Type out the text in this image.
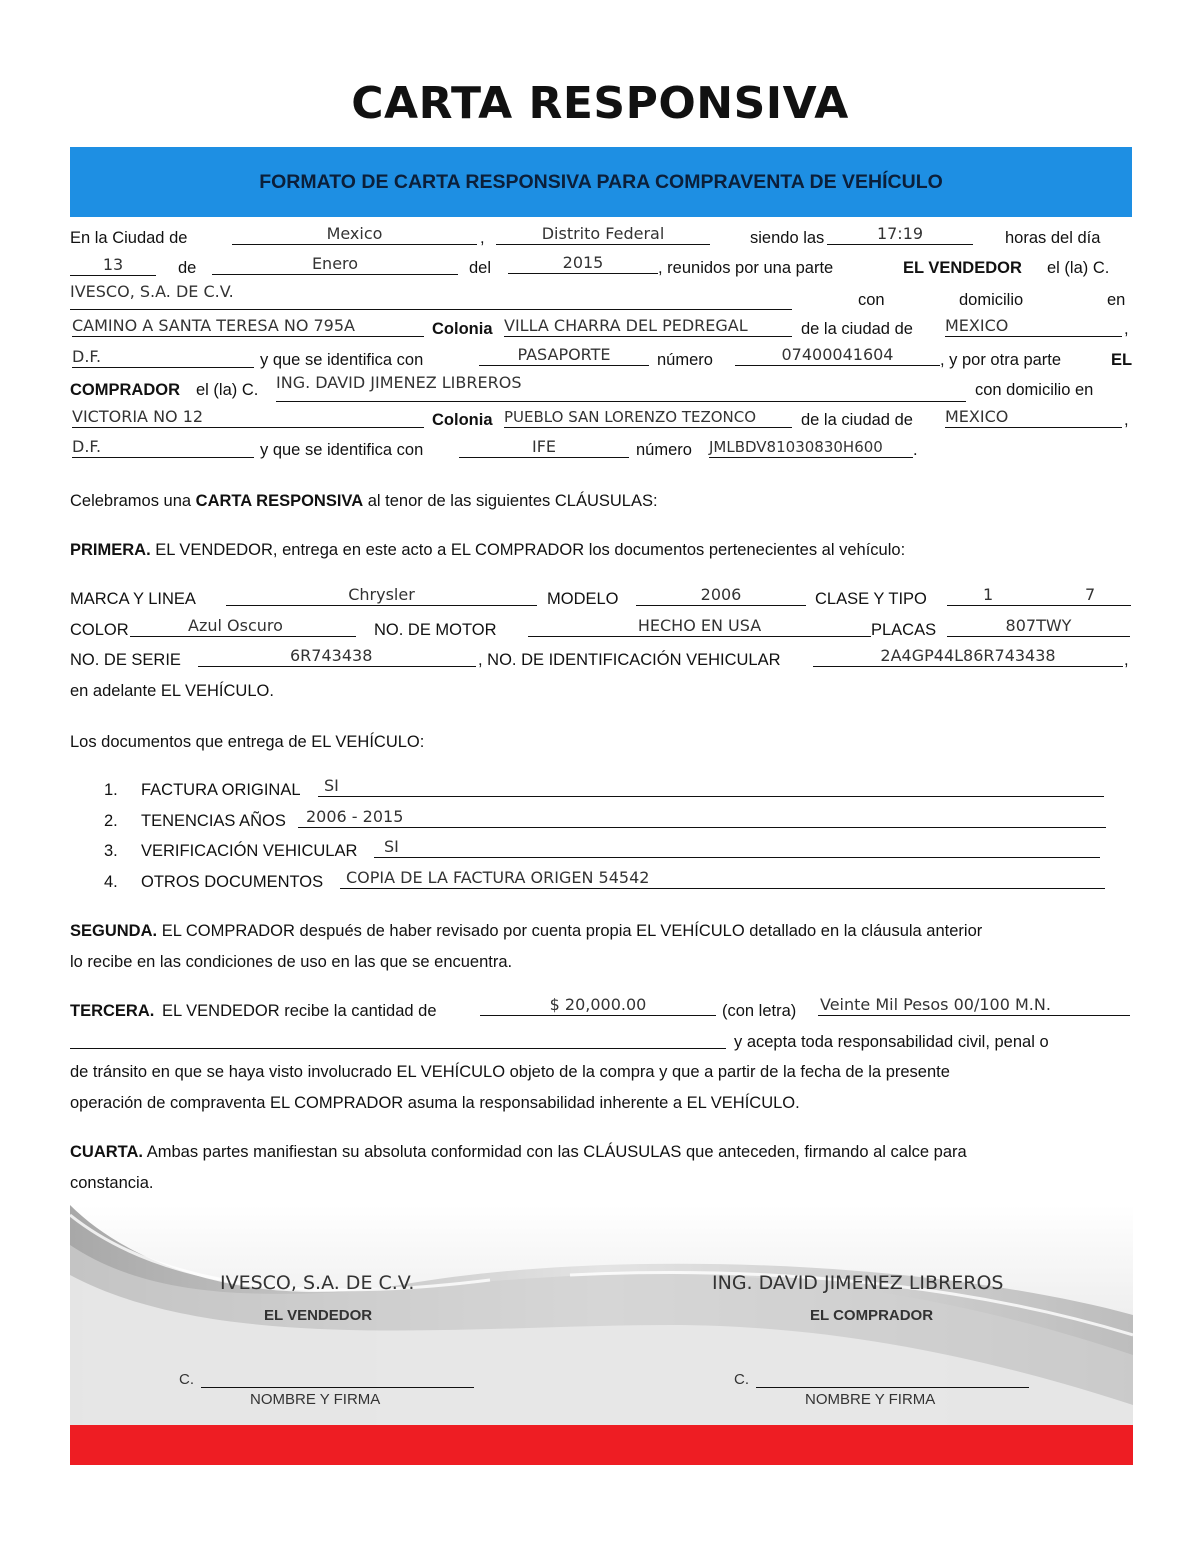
CARTA RESPONSIVA
FORMATO DE CARTA RESPONSIVA PARA COMPRAVENTA DE VEHÍCULO
En la Ciudad de	Mexico	,	Distrito Federal	siendo las	17:19	horas del día
13	de	Enero	del	2015	, reunidos por una parte	EL VENDEDOR el (la) C.
IVESCO, S.A. DE C.V.	con	domicilio	en
CAMINO A SANTA TERESA NO 795A	Colonia VILLA CHARRA DEL PEDREGAL	de la ciudad de MEXICO	,
D.F.	y que se identifica con	PASAPORTE	número	07400041604	, y por otra parte	EL
COMPRADOR el (la) C. ING. DAVID JIMENEZ LIBREROS	con domicilio en
VICTORIA NO 12	Colonia PUEBLO SAN LORENZO TEZONCO	de la ciudad de MEXICO	,
D.F.	y que se identifica con	IFE	número JMLBDV81030830H600	.
Celebramos una CARTA RESPONSIVA al tenor de las siguientes CLÁUSULAS:
PRIMERA. EL VENDEDOR, entrega en este acto a EL COMPRADOR los documentos pertenecientes al vehículo:
MARCA Y LINEA	Chrysler	MODELO	2006	CLASE Y TIPO	1	7
COLOR	Azul Oscuro	NO. DE MOTOR	HECHO EN USA	PLACAS	807TWY
NO. DE SERIE	6R743438	, NO. DE IDENTIFICACIÓN VEHICULAR	2A4GP44L86R743438	,
en adelante EL VEHÍCULO.
Los documentos que entrega de EL VEHÍCULO:
1. FACTURA ORIGINAL SI
2. TENENCIAS AÑOS 2006 - 2015
3. VERIFICACIÓN VEHICULAR SI
4. OTROS DOCUMENTOS COPIA DE LA FACTURA ORIGEN 54542
SEGUNDA. EL COMPRADOR después de haber revisado por cuenta propia EL VEHÍCULO detallado en la cláusula anterior
lo recibe en las condiciones de uso en las que se encuentra.
TERCERA. EL VENDEDOR recibe la cantidad de	$ 20,000.00	(con letra) Veinte Mil Pesos 00/100 M.N.
y acepta toda responsabilidad civil, penal o
de tránsito en que se haya visto involucrado EL VEHÍCULO objeto de la compra y que a partir de la fecha de la presente
operación de compraventa EL COMPRADOR asuma la responsabilidad inherente a EL VEHÍCULO.
CUARTA. Ambas partes manifiestan su absoluta conformidad con las CLÁUSULAS que anteceden, firmando al calce para
constancia.
IVESCO, S.A. DE C.V.
EL VENDEDOR
C.
NOMBRE Y FIRMA
ING. DAVID JIMENEZ LIBREROS
EL COMPRADOR
C.
NOMBRE Y FIRMA
